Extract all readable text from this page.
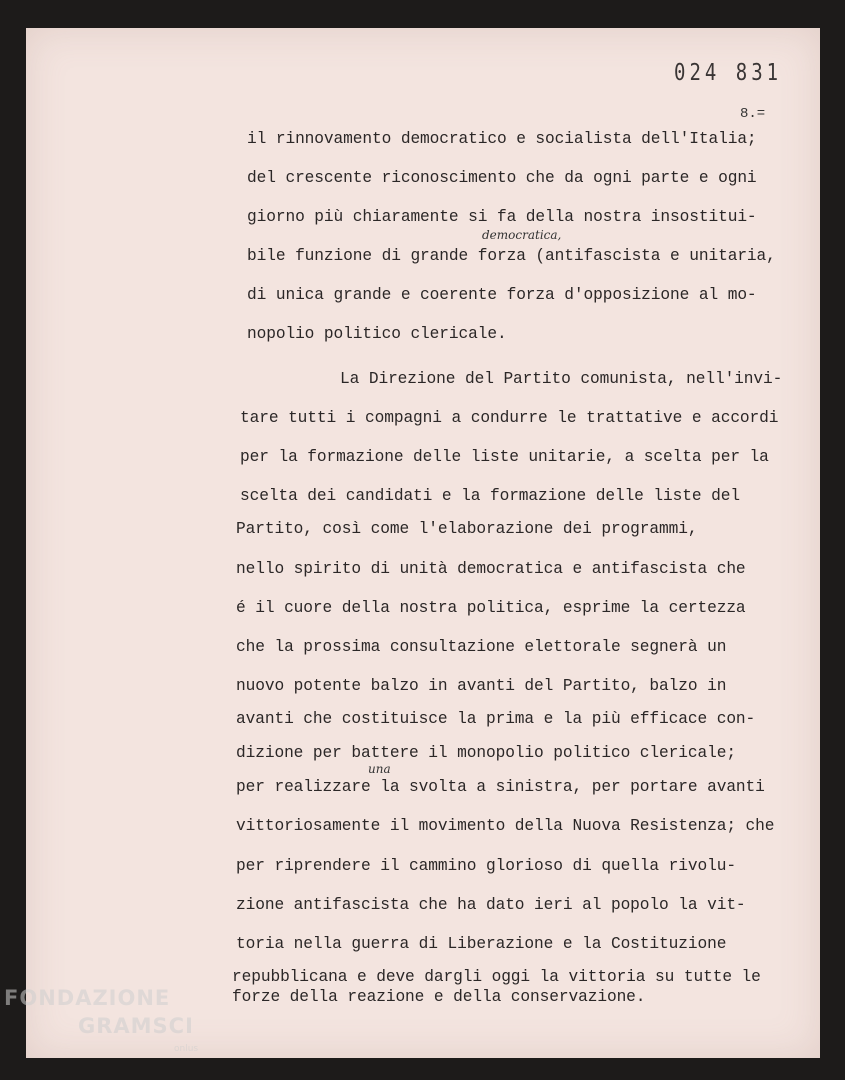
024 831
8.=
il rinnovamento democratico e socialista dell'Italia;
del crescente riconoscimento che da ogni parte e ogni
giorno più chiaramente si fa della nostra insostitui-
democratica,
bile funzione di grande forza (antifascista e unitaria,
di unica grande e coerente forza d'opposizione al mo-
nopolio politico clericale.
La Direzione del Partito comunista, nell'invi-
tare tutti i compagni a condurre le trattative e accordi
per la formazione delle liste unitarie, a scelta per la
scelta dei candidati e la formazione delle liste del
Partito, così come l'elaborazione dei programmi,
nello spirito di unità democratica e antifascista che
é il cuore della nostra politica, esprime la certezza
che la prossima consultazione elettorale segnerà un
nuovo potente balzo in avanti del Partito, balzo in
avanti che costituisce la prima e la più efficace con-
dizione per battere il monopolio politico clericale;
una
per realizzare la svolta a sinistra, per portare avanti
vittoriosamente il movimento della Nuova Resistenza; che
per riprendere il cammino glorioso di quella rivolu-
zione antifascista che ha dato ieri al popolo la vit-
toria nella guerra di Liberazione e la Costituzione
repubblicana e deve dargli oggi la vittoria su tutte le
forze della reazione e della conservazione.
FONDAZIONE
GRAMSCI
onlus
